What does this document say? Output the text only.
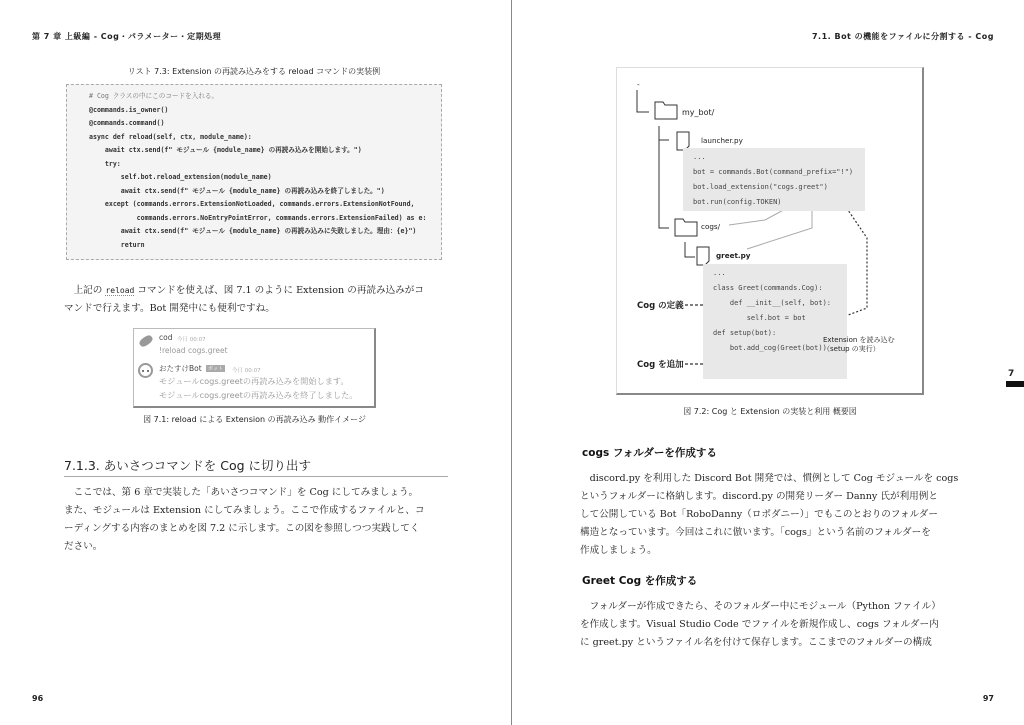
第 7 章 上級編 - Cog・パラメーター・定期処理
リスト 7.3: Extension の再読み込みをする reload コマンドの実装例
# Cog クラスの中にこのコードを入れる。
@commands.is_owner()
@commands.command()
async def reload(self, ctx, module_name):
await ctx.send(f" モジュール {module_name} の再読み込みを開始します。")
try:
self.bot.reload_extension(module_name)
await ctx.send(f" モジュール {module_name} の再読み込みを終了しました。")
except (commands.errors.ExtensionNotLoaded, commands.errors.ExtensionNotFound,
commands.errors.NoEntryPointError, commands.errors.ExtensionFailed) as e:
await ctx.send(f" モジュール {module_name} の再読み込みに失敗しました。理由：{e}")
return
　上記の reload コマンドを使えば、図 7.1 のように Extension の再読み込みがコ
マンドで行えます。Bot 開発中にも便利ですね。
cod 今日 00:07
!reload cogs.greet
おたすけBot	ボット	今日 00:07
モジュールcogs.greetの再読み込みを開始します。
モジュールcogs.greetの再読み込みを終了しました。
図 7.1: reload による Extension の再読み込み 動作イメージ
7.1.3. あいさつコマンドを Cog に切り出す
　ここでは、第 6 章で実装した「あいさつコマンド」を Cog にしてみましょう。
また、モジュールは Extension にしてみましょう。ここで作成するファイルと、コ
ーディングする内容のまとめを図 7.2 に示します。この図を参照しつつ実践してく
ださい。
96
7.1. Bot の機能をファイルに分割する - Cog
97
-
my_bot/
launcher.py
...
bot = commands.Bot(command_prefix="!")
bot.load_extension("cogs.greet")
bot.run(config.TOKEN)
cogs/
greet.py
...
class Greet(commands.Cog):
def __init__(self, bot):
self.bot = bot
def setup(bot):
bot.add_cog(Greet(bot))
Cog の定義
Cog を追加
Extension を読み込む
（setup の実行）
図 7.2: Cog と Extension の実装と利用 概要図
cogs フォルダーを作成する
　discord.py を利用した Discord Bot 開発では、慣例として Cog モジュールを cogs
というフォルダーに格納します。discord.py の開発リーダー Danny 氏が利用例と
して公開している Bot「RoboDanny（ロボダニー）」でもこのとおりのフォルダー
構造となっています。今回はこれに倣います。「cogs」という名前のフォルダーを
作成しましょう。
Greet Cog を作成する
　フォルダーが作成できたら、そのフォルダー中にモジュール（Python ファイル）
を作成します。Visual Studio Code でファイルを新規作成し、cogs フォルダー内
に greet.py というファイル名を付けて保存します。ここまでのフォルダーの構成
7
